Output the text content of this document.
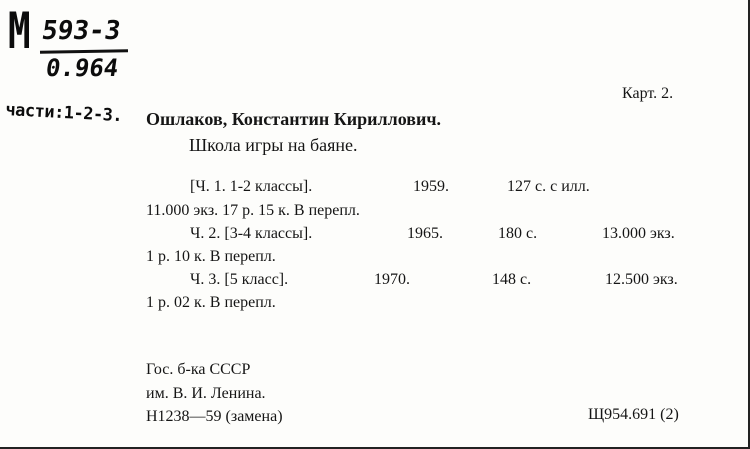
M 593-3
0.964
части:1-2-3.
Карт. 2.
Ошлаков, Константин Кириллович.
Школа игры на баяне.
[Ч. 1. 1-2 классы].	1959.	127 с. с илл.
11.000 экз. 17 р. 15 к. В перепл.
Ч. 2. [3-4 классы].	1965.	180 с.	13.000 экз.
1 р. 10 к. В перепл.
Ч. 3. [5 класс].	1970.	148 с.	12.500 экз.
1 р. 02 к. В перепл.
Гос. б-ка СССР
им. В. И. Ленина.
Н1238—59 (замена)	Щ954.691 (2)
